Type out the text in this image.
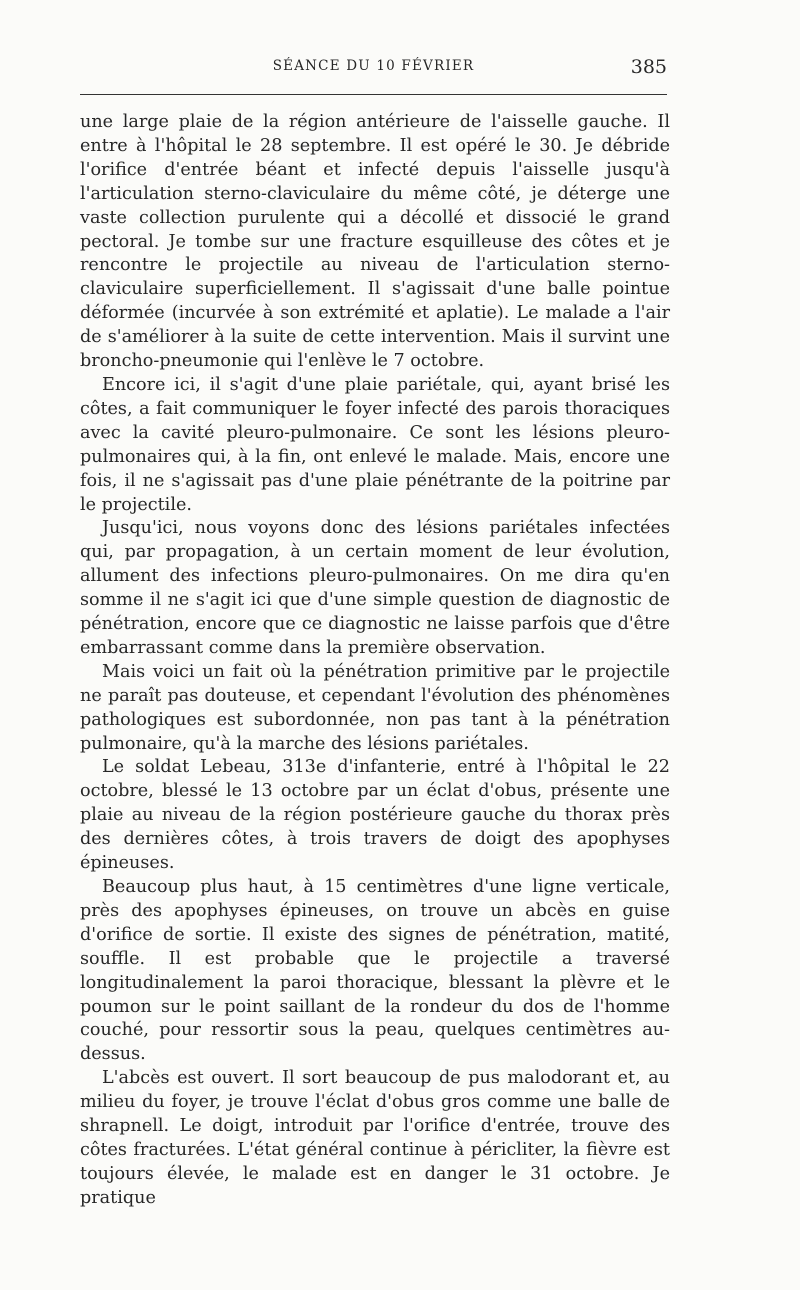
SÉANCE DU 10 FÉVRIER	385

une large plaie de la région antérieure de l'aisselle gauche. Il entre à l'hôpital le 28 septembre. Il est opéré le 30. Je débride l'orifice d'entrée béant et infecté depuis l'aisselle jusqu'à l'articulation sterno-claviculaire du même côté, je déterge une vaste collection purulente qui a décollé et dissocié le grand pectoral. Je tombe sur une fracture esquilleuse des côtes et je rencontre le projectile au niveau de l'articulation sterno-claviculaire superficiellement. Il s'agissait d'une balle pointue déformée (incurvée à son extrémité et aplatie). Le malade a l'air de s'améliorer à la suite de cette intervention. Mais il survint une broncho-pneumonie qui l'enlève le 7 octobre.

Encore ici, il s'agit d'une plaie pariétale, qui, ayant brisé les côtes, a fait communiquer le foyer infecté des parois thoraciques avec la cavité pleuro-pulmonaire. Ce sont les lésions pleuro-pulmonaires qui, à la fin, ont enlevé le malade. Mais, encore une fois, il ne s'agissait pas d'une plaie pénétrante de la poitrine par le projectile.

Jusqu'ici, nous voyons donc des lésions pariétales infectées qui, par propagation, à un certain moment de leur évolution, allument des infections pleuro-pulmonaires. On me dira qu'en somme il ne s'agit ici que d'une simple question de diagnostic de pénétration, encore que ce diagnostic ne laisse parfois que d'être embarrassant comme dans la première observation.

Mais voici un fait où la pénétration primitive par le projectile ne paraît pas douteuse, et cependant l'évolution des phénomènes pathologiques est subordonnée, non pas tant à la pénétration pulmonaire, qu'à la marche des lésions pariétales.

Le soldat Lebeau, 313e d'infanterie, entré à l'hôpital le 22 octobre, blessé le 13 octobre par un éclat d'obus, présente une plaie au niveau de la région postérieure gauche du thorax près des dernières côtes, à trois travers de doigt des apophyses épineuses.

Beaucoup plus haut, à 15 centimètres d'une ligne verticale, près des apophyses épineuses, on trouve un abcès en guise d'orifice de sortie. Il existe des signes de pénétration, matité, souffle. Il est probable que le projectile a traversé longitudinalement la paroi thoracique, blessant la plèvre et le poumon sur le point saillant de la rondeur du dos de l'homme couché, pour ressortir sous la peau, quelques centimètres au-dessus.

L'abcès est ouvert. Il sort beaucoup de pus malodorant et, au milieu du foyer, je trouve l'éclat d'obus gros comme une balle de shrapnell. Le doigt, introduit par l'orifice d'entrée, trouve des côtes fracturées. L'état général continue à péricliter, la fièvre est toujours élevée, le malade est en danger le 31 octobre. Je pratique
